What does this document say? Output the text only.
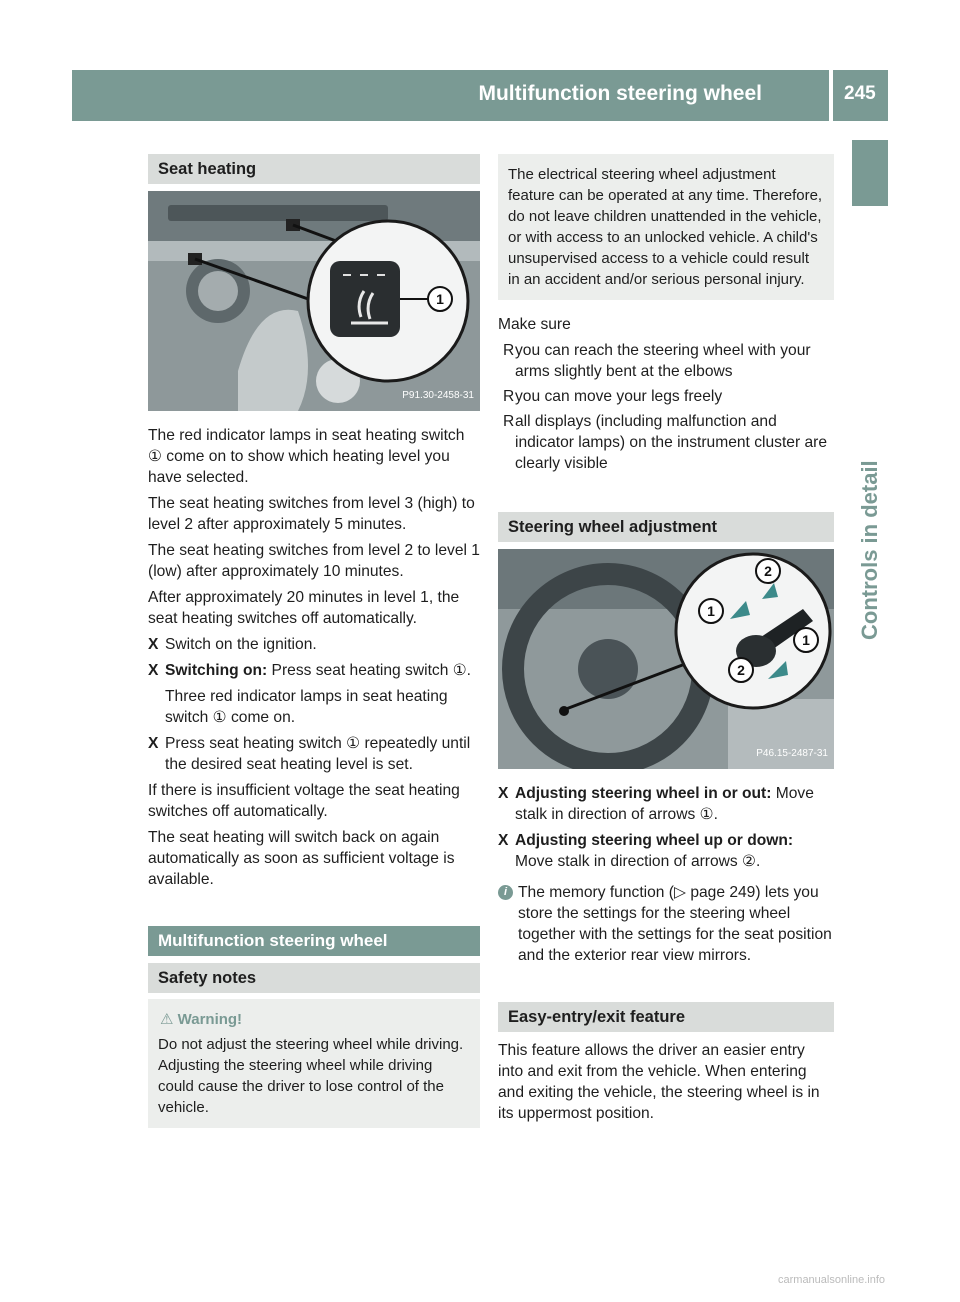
Multifunction steering wheel	245
Controls in detail
Seat heating
1
P91.30-2458-31

The red indicator lamps in seat heating switch ① come on to show which heating level you have selected.

The seat heating switches from level 3 (high) to level 2 after approximately 5 minutes.

The seat heating switches from level 2 to level 1 (low) after approximately 10 minutes.

After approximately 20 minutes in level 1, the seat heating switches off automatically.

X Switch on the ignition.
X Switching on: Press seat heating switch ①.
Three red indicator lamps in seat heating switch ① come on.
X Press seat heating switch ① repeatedly until the desired seat heating level is set.

If there is insufficient voltage the seat heating switches off automatically.

The seat heating will switch back on again automatically as soon as sufficient voltage is available.

Multifunction steering wheel
Safety notes
⚠ Warning!
Do not adjust the steering wheel while driving. Adjusting the steering wheel while driving could cause the driver to lose control of the vehicle.
The electrical steering wheel adjustment feature can be operated at any time. Therefore, do not leave children unattended in the vehicle, or with access to an unlocked vehicle. A child's unsupervised access to a vehicle could result in an accident and/or serious personal injury.

Make sure

R you can reach the steering wheel with your arms slightly bent at the elbows
R you can move your legs freely
R all displays (including malfunction and indicator lamps) on the instrument cluster are clearly visible
Steering wheel adjustment
1
1
2
2
P46.15-2487-31
X Adjusting steering wheel in or out: Move stalk in direction of arrows ①.
X Adjusting steering wheel up or down: Move stalk in direction of arrows ②.
i The memory function (▷ page 249) lets you store the settings for the steering wheel together with the settings for the seat position and the exterior rear view mirrors.
Easy-entry/exit feature

This feature allows the driver an easier entry into and exit from the vehicle. When entering and exiting the vehicle, the steering wheel is in its uppermost position.

carmanualsonline.info
